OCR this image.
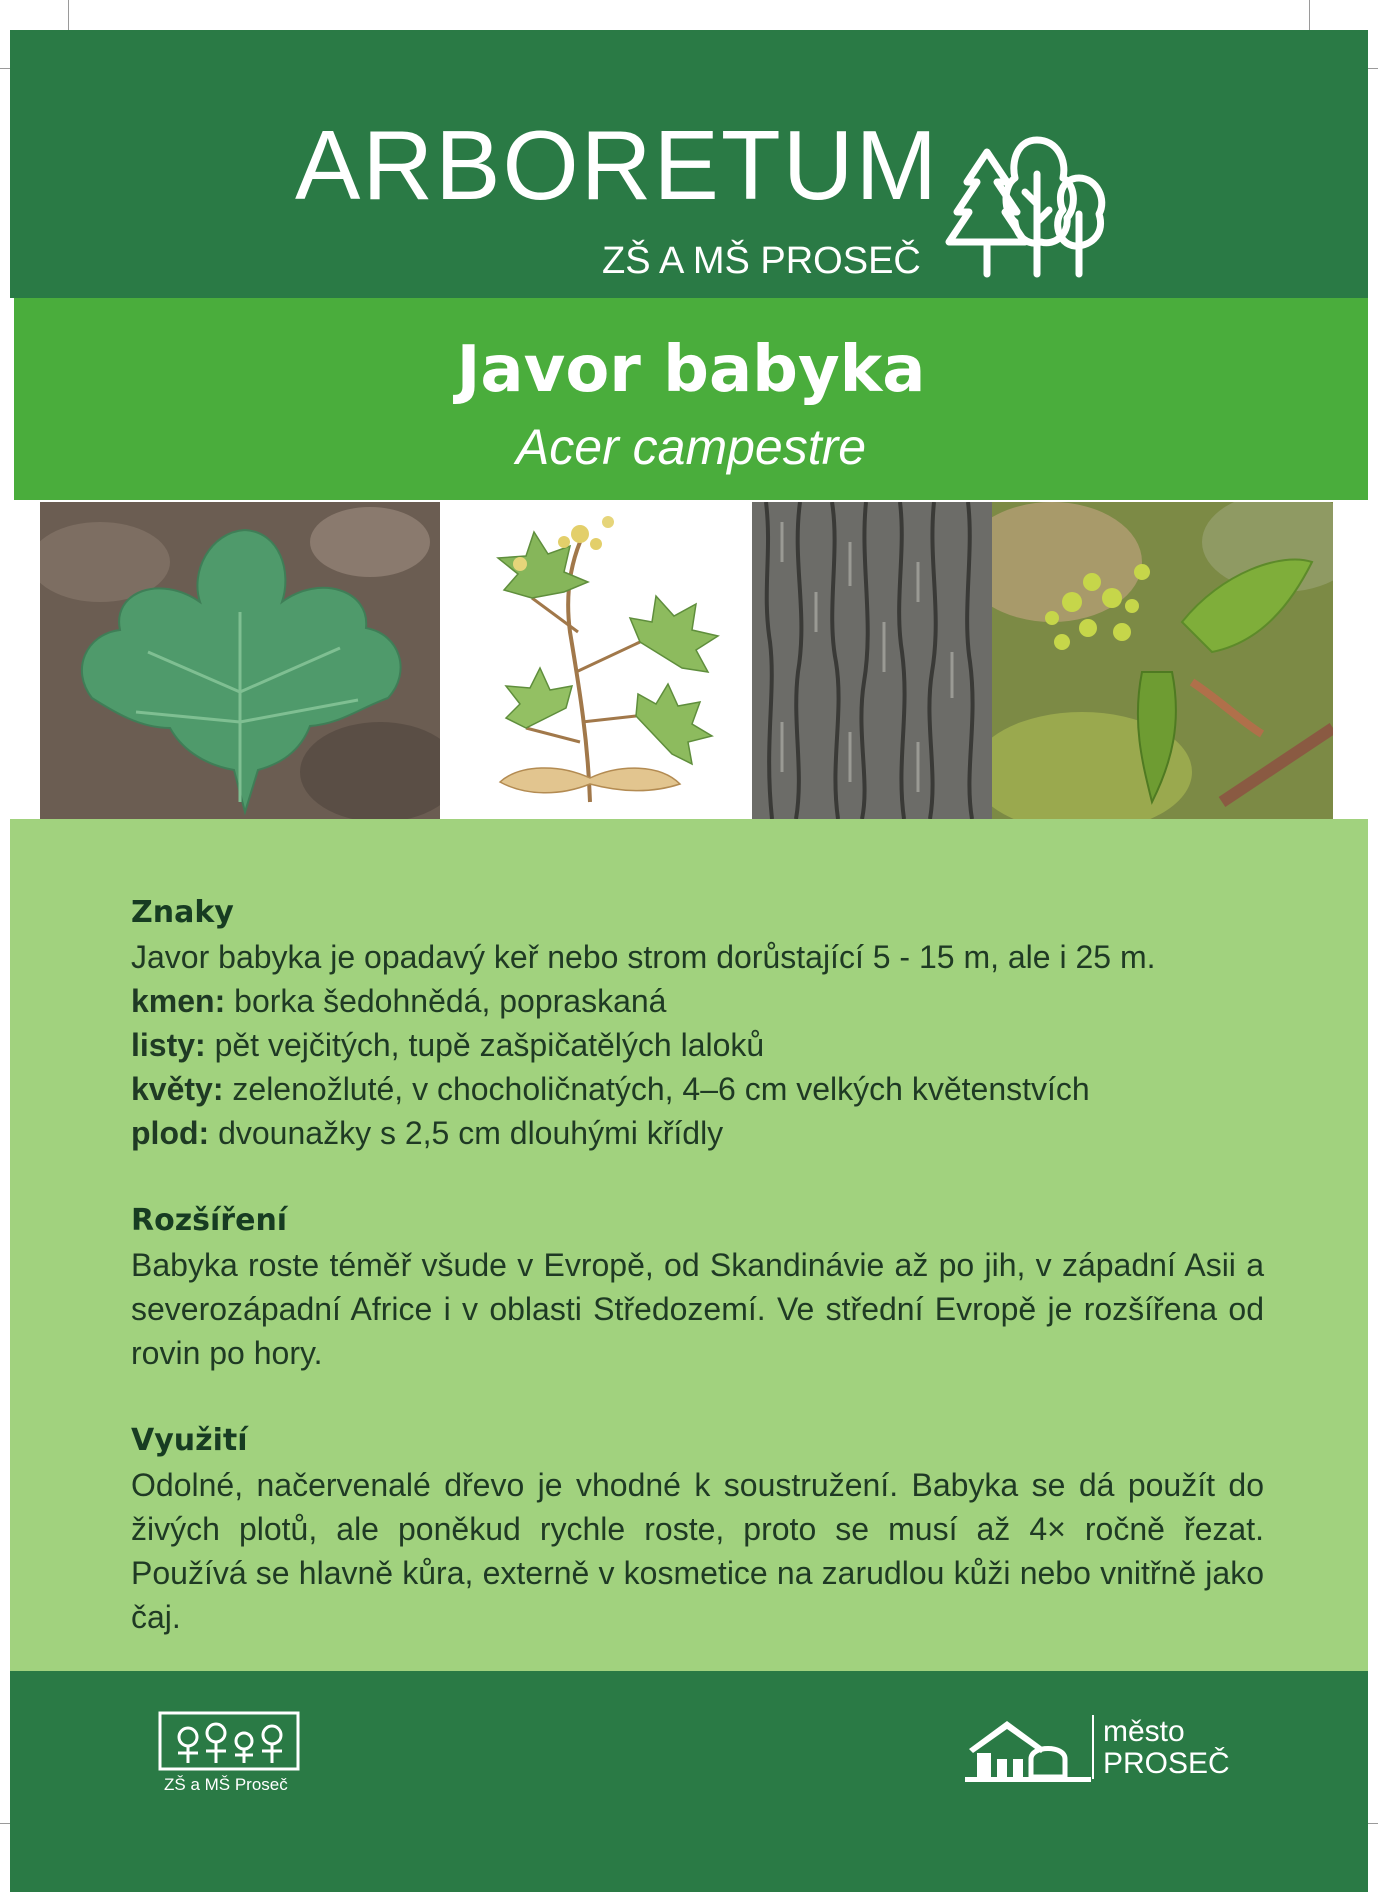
ARBORETUM
ZŠ A MŠ PROSEČ
Javor babyka
Acer campestre

Znaky

Javor babyka je opadavý keř nebo strom dorůstající 5 - 15 m, ale i 25 m.

kmen: borka šedohnědá, popraskaná

listy: pět vejčitých, tupě zašpičatělých laloků

květy: zelenožluté, v chocholičnatých, 4–6 cm velkých květenstvích

plod: dvounažky s 2,5 cm dlouhými křídly

Rozšíření

Babyka roste téměř všude v Evropě, od Skandinávie až po jih, v západní Asii a severozápadní Africe i v oblasti Středozemí. Ve střední Evropě je rozšířena od rovin po hory.

Využití

Odolné, načervenalé dřevo je vhodné k soustružení. Babyka se dá použít do živých plotů, ale poněkud rychle roste, proto se musí až 4× ročně řezat. Používá se hlavně kůra, externě v kosmetice na zarudlou kůži nebo vnitřně jako čaj.

ZŠ a MŠ Proseč
město
PROSEČ
